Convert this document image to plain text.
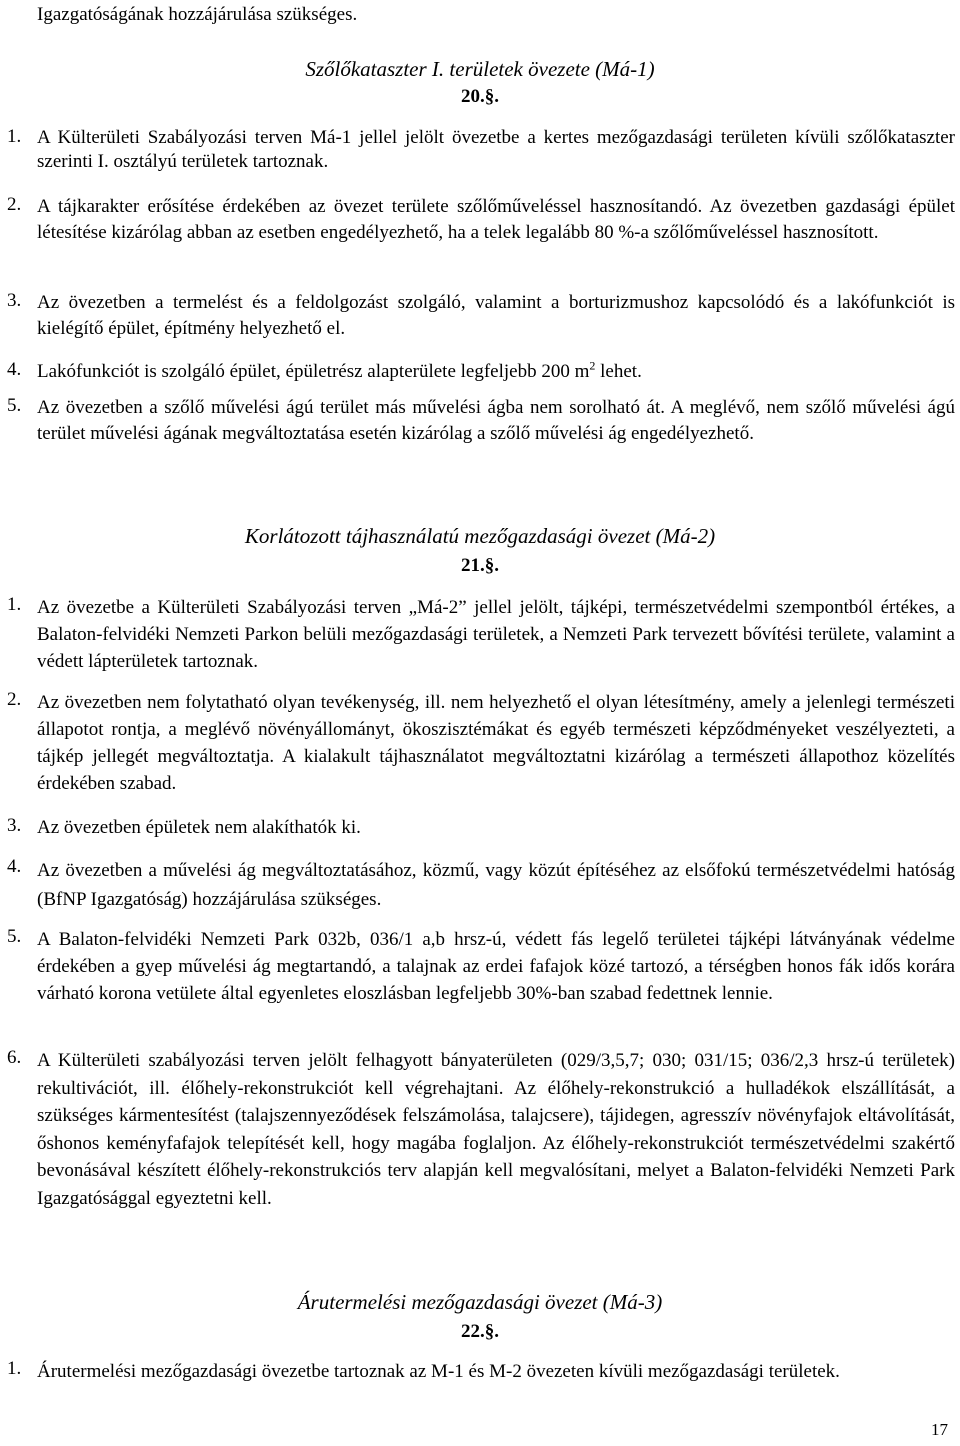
Igazgatóságának hozzájárulása szükséges.
Szőlőkataszter I. területek övezete (Má-1)
20.§.
1. A Külterületi Szabályozási terven Má-1 jellel jelölt övezetbe a kertes mezőgazdasági területen kívüli szőlőkataszter szerinti I. osztályú területek tartoznak.
2. A tájkarakter erősítése érdekében az övezet területe szőlőműveléssel hasznosítandó. Az övezetben gazdasági épület létesítése kizárólag abban az esetben engedélyezhető, ha a telek legalább 80 %-a szőlőműveléssel hasznosított.
3. Az övezetben a termelést és a feldolgozást szolgáló, valamint a borturizmushoz kapcsolódó és a lakófunkciót is kielégítő épület, építmény helyezhető el.
4. Lakófunkciót is szolgáló épület, épületrész alapterülete legfeljebb 200 $m^2$ lehet.
5. Az övezetben a szőlő művelési ágú terület más művelési ágba nem sorolható át. A meglévő, nem szőlő művelési ágú terület művelési ágának megváltoztatása esetén kizárólag a szőlő művelési ág engedélyezhető.
Korlátozott tájhasználatú mezőgazdasági övezet (Má-2)
21.§.
1. Az övezetbe a Külterületi Szabályozási terven „Má-2” jellel jelölt, tájképi, természetvédelmi szempontból értékes, a Balaton-felvidéki Nemzeti Parkon belüli mezőgazdasági területek, a Nemzeti Park tervezett bővítési területe, valamint a védett lápterületek tartoznak.
2. Az övezetben nem folytatható olyan tevékenység, ill. nem helyezhető el olyan létesítmény, amely a jelenlegi természeti állapotot rontja, a meglévő növényállományt, ökoszisztémákat és egyéb természeti képződményeket veszélyezteti, a tájkép jellegét megváltoztatja. A kialakult tájhasználatot megváltoztatni kizárólag a természeti állapothoz közelítés érdekében szabad.
3. Az övezetben épületek nem alakíthatók ki.
4. Az övezetben a művelési ág megváltoztatásához, közmű, vagy közút építéséhez az elsőfokú természetvédelmi hatóság (BfNP Igazgatóság) hozzájárulása szükséges.
5. A Balaton-felvidéki Nemzeti Park 032b, 036/1 a,b hrsz-ú, védett fás legelő területei tájképi látványának védelme érdekében a gyep művelési ág megtartandó, a talajnak az erdei fafajok közé tartozó, a térségben honos fák idős korára várható korona vetülete által egyenletes eloszlásban legfeljebb 30%-ban szabad fedettnek lennie.
6. A Külterületi szabályozási terven jelölt felhagyott bányaterületen (029/3,5,7; 030; 031/15; 036/2,3 hrsz-ú területek) rekultivációt, ill. élőhely-rekonstrukciót kell végrehajtani. Az élőhely-rekonstrukció a hulladékok elszállítását, a szükséges kármentesítést (talajszennyeződések felszámolása, talajcsere), tájidegen, agresszív növényfajok eltávolítását, őshonos keményfafajok telepítését kell, hogy magába foglaljon. Az élőhely-rekonstrukciót természetvédelmi szakértő bevonásával készített élőhely-rekonstrukciós terv alapján kell megvalósítani, melyet a Balaton-felvidéki Nemzeti Park Igazgatósággal egyeztetni kell.
Árutermelési mezőgazdasági övezet (Má-3)
22.§.
1. Árutermelési mezőgazdasági övezetbe tartoznak az M-1 és M-2 övezeten kívüli mezőgazdasági területek.
17
